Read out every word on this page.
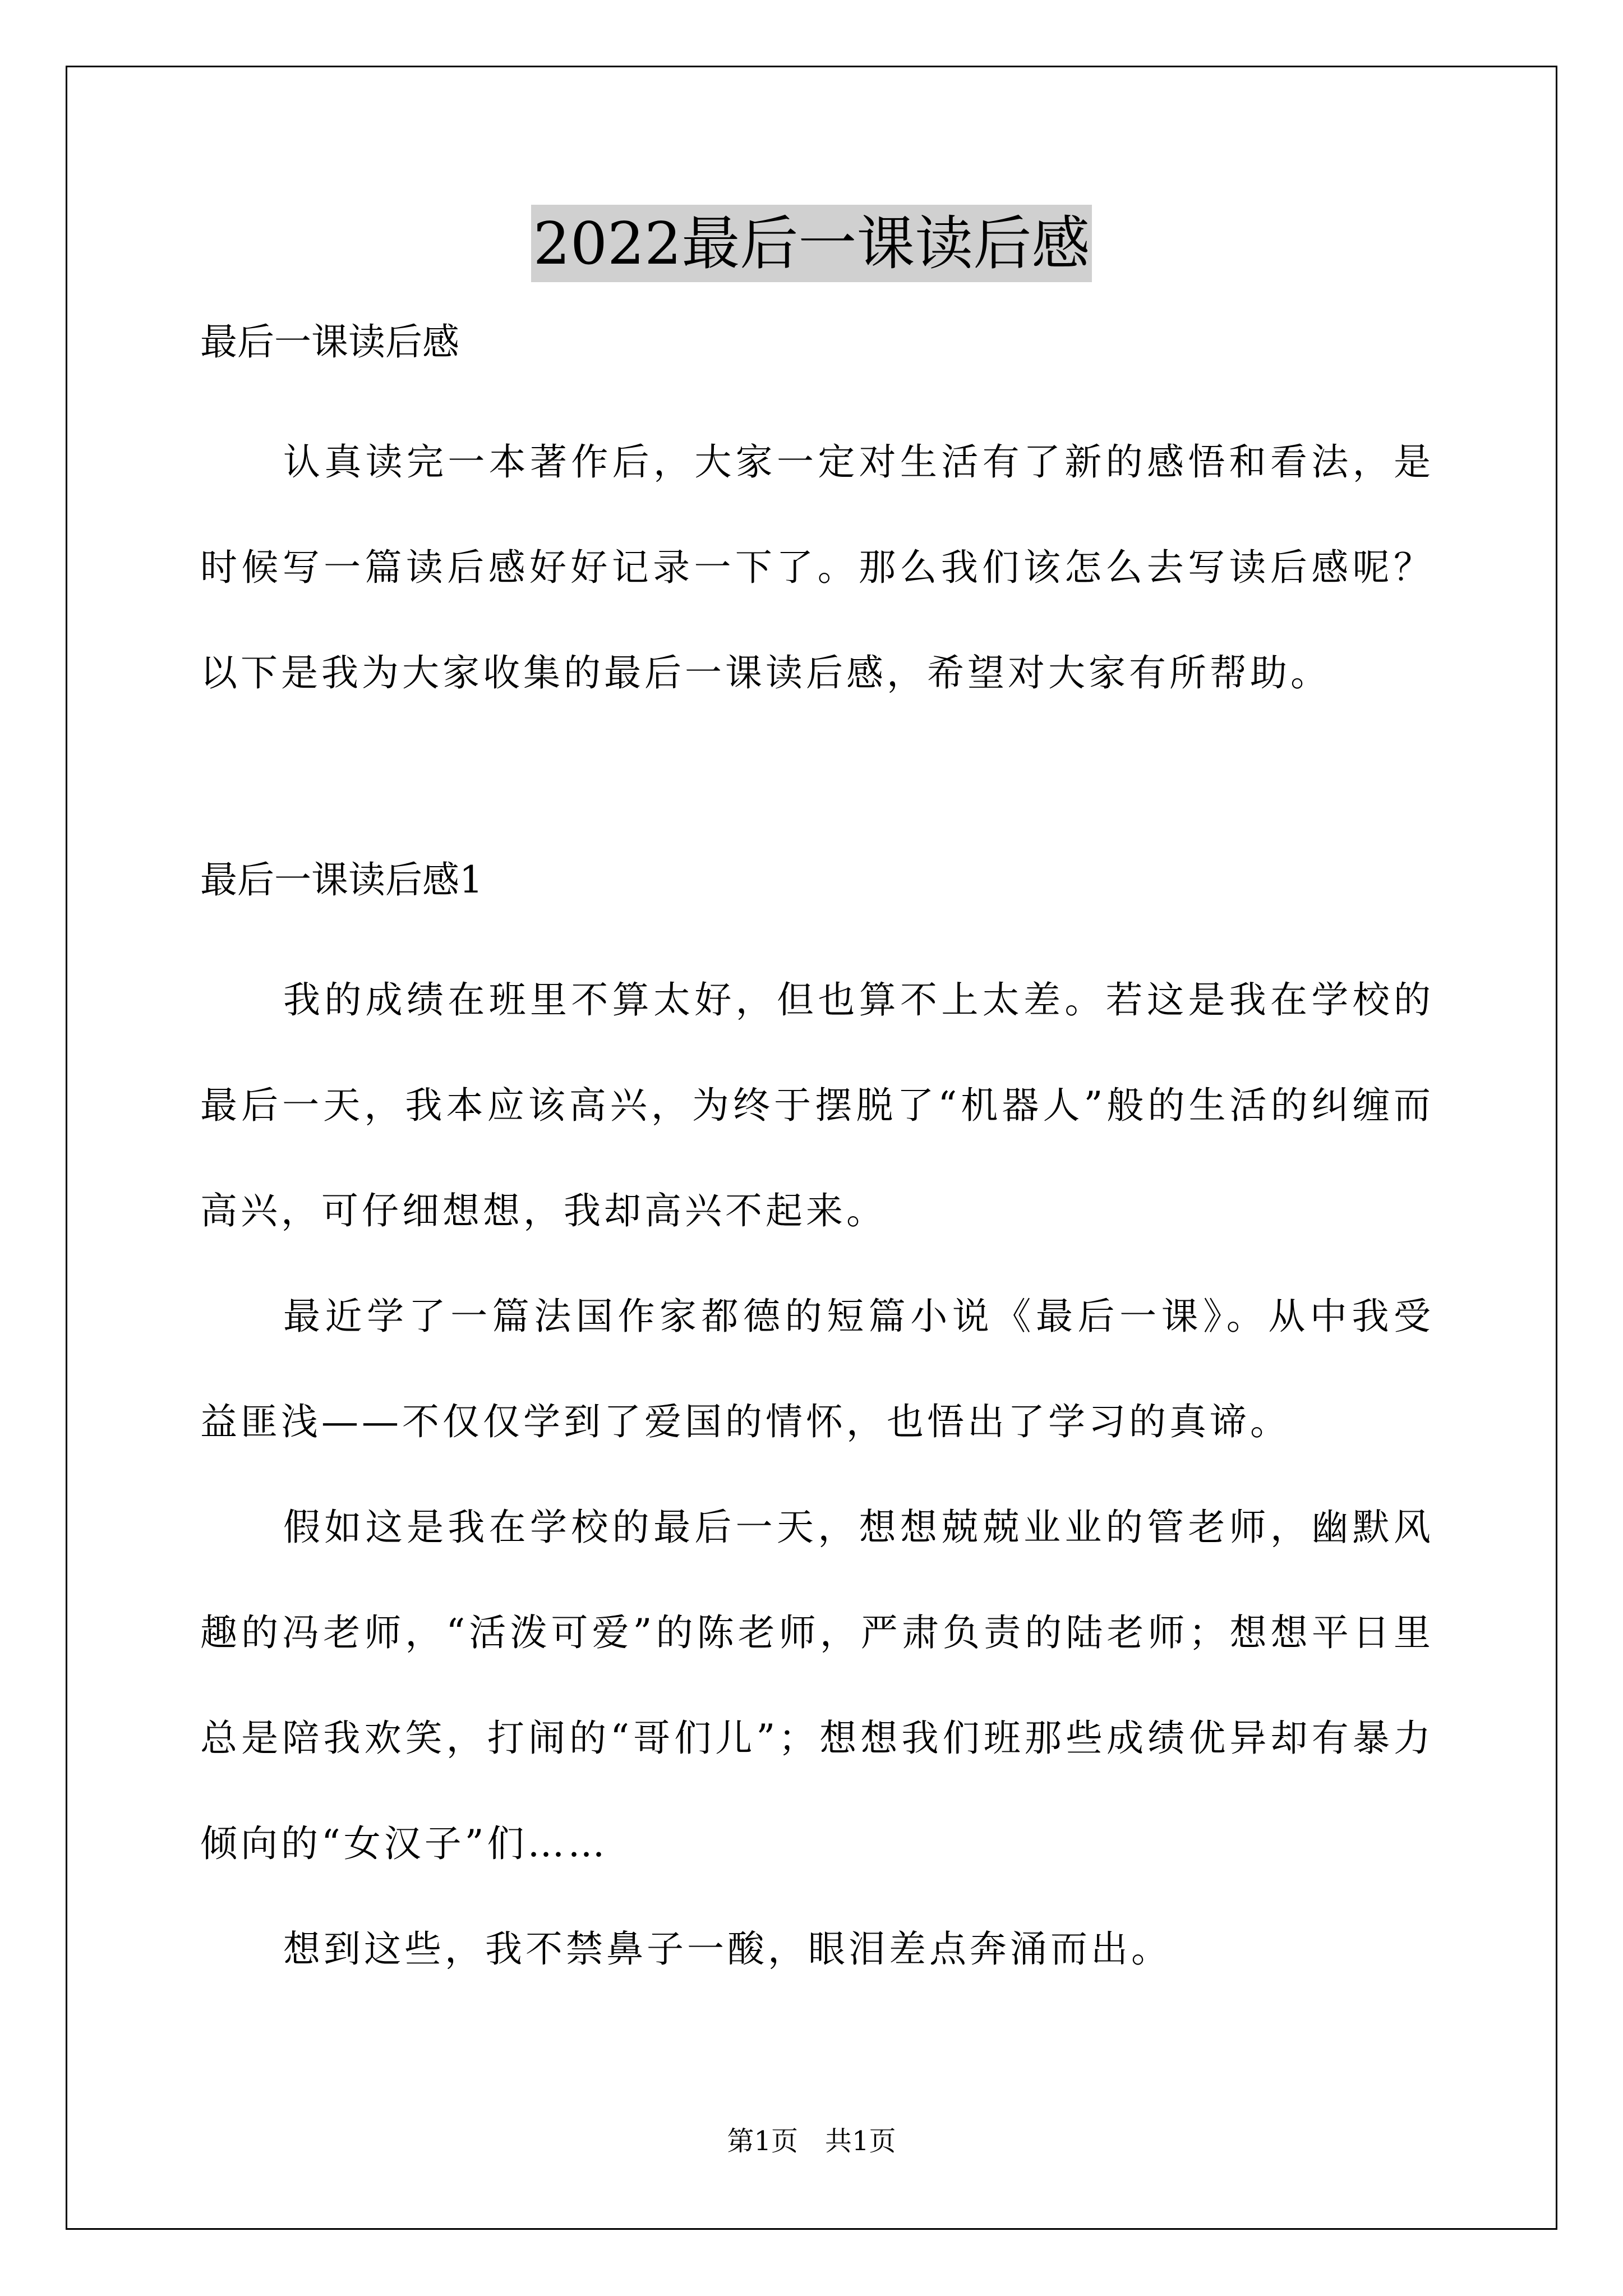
2022最后一课读后感

最后一课读后感

认真读完一本著作后，大家一定对生活有了新的感悟和看法，是时候写一篇读后感好好记录一下了。那么我们该怎么去写读后感呢？以下是我为大家收集的最后一课读后感，希望对大家有所帮助。

最后一课读后感1

我的成绩在班里不算太好，但也算不上太差。若这是我在学校的最后一天，我本应该高兴，为终于摆脱了“机器人”般的生活的纠缠而高兴，可仔细想想，我却高兴不起来。

最近学了一篇法国作家都德的短篇小说《最后一课》。从中我受益匪浅——不仅仅学到了爱国的情怀，也悟出了学习的真谛。

假如这是我在学校的最后一天，想想兢兢业业的管老师，幽默风趣的冯老师，“活泼可爱”的陈老师，严肃负责的陆老师；想想平日里总是陪我欢笑，打闹的“哥们儿”；想想我们班那些成绩优异却有暴力倾向的“女汉子”们……

想到这些，我不禁鼻子一酸，眼泪差点奔涌而出。

第1页 共1页
